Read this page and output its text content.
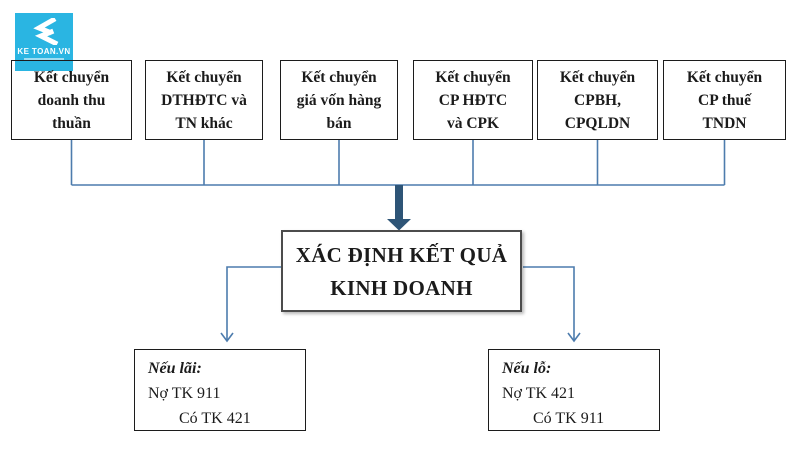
KE TOAN.VN
Kết chuyển
doanh thu
thuần
Kết chuyển
DTHĐTC và
TN khác
Kết chuyển
giá vốn hàng
bán
Kết chuyển
CP HĐTC
và CPK
Kết chuyển
CPBH,
CPQLDN
Kết chuyển
CP thuế
TNDN
XÁC ĐỊNH KẾT QUẢ
KINH DOANH
Nếu lãi:
Nợ TK 911
Có TK 421
Nếu lỗ:
Nợ TK 421
Có TK 911
